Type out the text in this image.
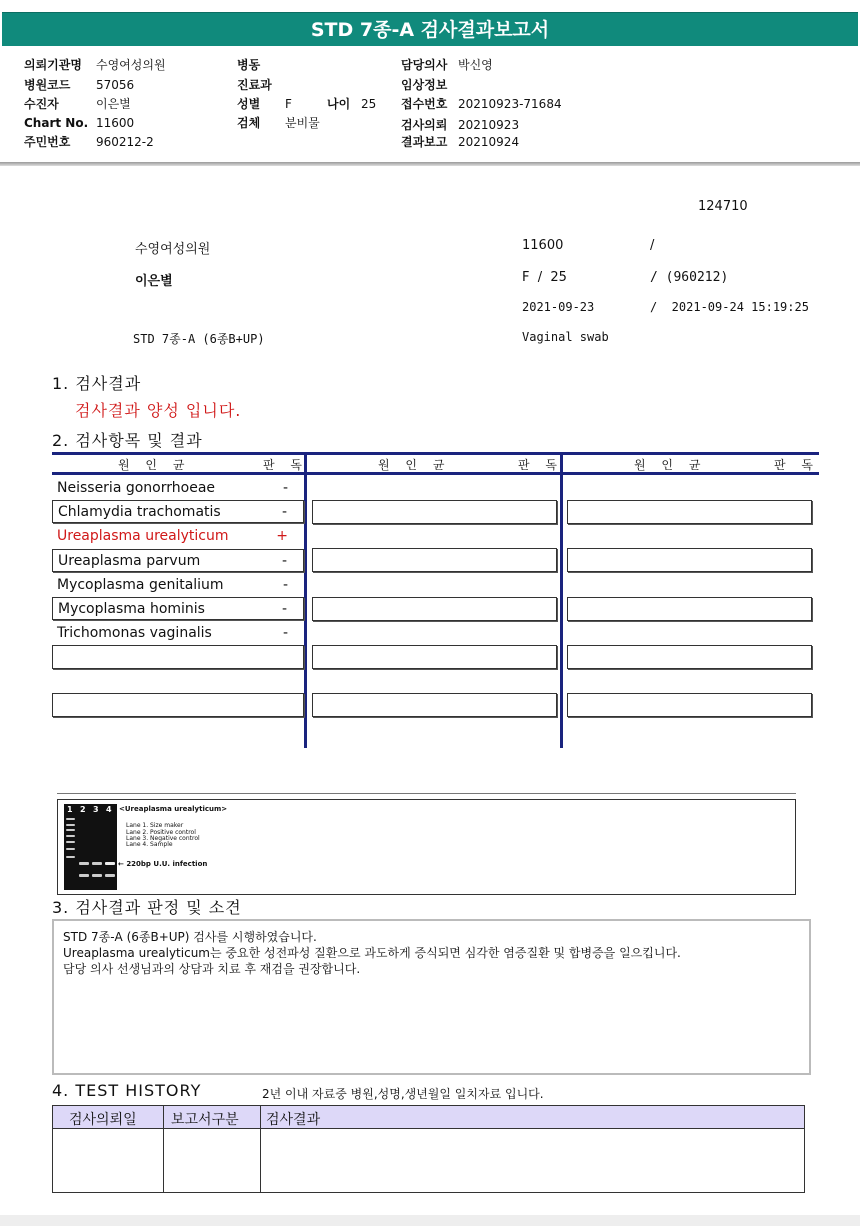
STD 7종-A 검사결과보고서
의뢰기관명 수영여성의원
병원코드 57056
수진자	이은별
Chart No. 11600
주민번호 960212-2
병동
진료과
성별 F	나이 25
검체 분비물
담당의사 박신영
임상정보
접수번호 20210923-71684
검사의뢰 20210923
결과보고 20210924
124710
수영여성의원	11600	/
이은별	F  /  25	/ (960212)
2021-09-23	/  2021-09-24 15:19:25
STD 7종-A (6종B+UP)	Vaginal swab
1. 검사결과
검사결과 양성 입니다.
2. 검사항목 및 결과
원 인 균	판 독	원 인 균	판 독	원 인 균	판 독
Neisseria gonorrhoeae	-
Chlamydia trachomatis	-
Ureaplasma urealyticum	+
Ureaplasma parvum	-
Mycoplasma genitalium	-
Mycoplasma hominis	-
Trichomonas vaginalis	-
1 2 3 4 <Ureaplasma urealyticum>
Lane 1. Size maker
Lane 2. Positive control
Lane 3. Negative control
Lane 4. Sample
← 220bp U.U. infection
3. 검사결과 판정 및 소견
STD 7종-A (6종B+UP) 검사를 시행하였습니다.
Ureaplasma urealyticum는 중요한 성전파성 질환으로 과도하게 증식되면 심각한 염증질환 및 합병증을 일으킵니다.
담당 의사 선생님과의 상담과 치료 후 재검을 권장합니다.
4. TEST HISTORY	2년 이내 자료중 병원,성명,생년월일 일치자료 입니다.
검사의뢰일 보고서구분 검사결과
